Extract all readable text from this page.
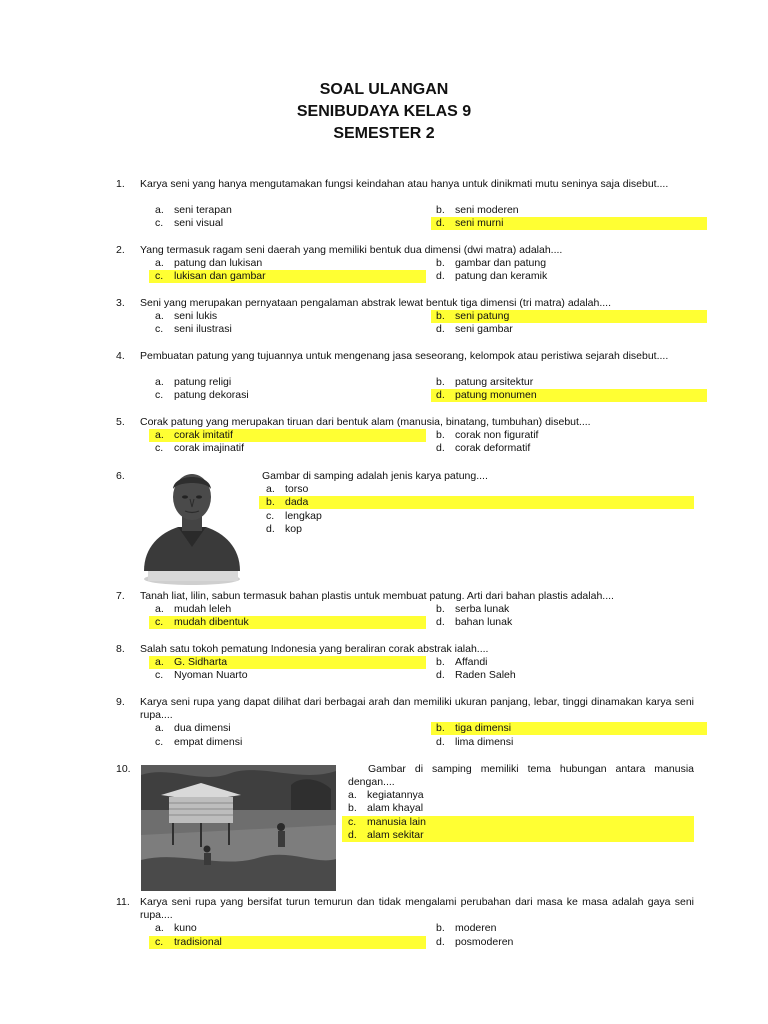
SOAL ULANGAN
SENIBUDAYA KELAS 9
SEMESTER 2
1.	Karya seni yang hanya mengutamakan fungsi keindahan atau hanya untuk dinikmati mutu seninya saja disebut....
a. seni terapan	b. seni moderen
c.	seni visual	d. seni murni
2.	Yang termasuk ragam seni daerah yang memiliki bentuk dua dimensi (dwi matra) adalah....
a. patung dan lukisan	b. gambar dan patung
c.	lukisan dan gambar	d. patung dan keramik
3.	Seni yang merupakan pernyataan pengalaman abstrak lewat bentuk tiga dimensi (tri matra) adalah....
a. seni lukis	b. seni patung
c.	seni ilustrasi	d. seni gambar
4.	Pembuatan patung yang tujuannya untuk mengenang jasa seseorang, kelompok atau peristiwa sejarah disebut....
a. patung religi	b. patung arsitektur
c.	patung dekorasi	d. patung monumen
5.	Corak patung yang merupakan tiruan dari bentuk alam (manusia, binatang, tumbuhan) disebut....
a. corak imitatif	b. corak non figuratif
c.	corak imajinatif	d. corak deformatif
6.	Gambar di samping adalah jenis karya patung....
a. torso
b. dada
c.	lengkap
d. kop
7.	Tanah liat, lilin, sabun termasuk bahan plastis untuk membuat patung. Arti dari bahan plastis adalah....
a. mudah leleh	b. serba lunak
c.	mudah dibentuk	d. bahan lunak
8.	Salah satu tokoh pematung Indonesia yang beraliran corak abstrak ialah....
a. G. Sidharta	b. Affandi
c.	Nyoman Nuarto	d. Raden Saleh
9.	Karya seni rupa yang dapat dilihat dari berbagai arah dan memiliki ukuran panjang, lebar, tinggi dinamakan karya seni rupa....
a. dua dimensi	b. tiga dimensi
c.	empat dimensi	d. lima dimensi
10.	Gambar di samping memiliki tema hubungan antara manusia dengan....
a. kegiatannya
b. alam khayal
c.	manusia lain
d. alam sekitar
11. Karya seni rupa yang bersifat turun temurun dan tidak mengalami perubahan dari masa ke masa adalah gaya seni rupa....
a. kuno	b. moderen
c.	tradisional	d. posmoderen
